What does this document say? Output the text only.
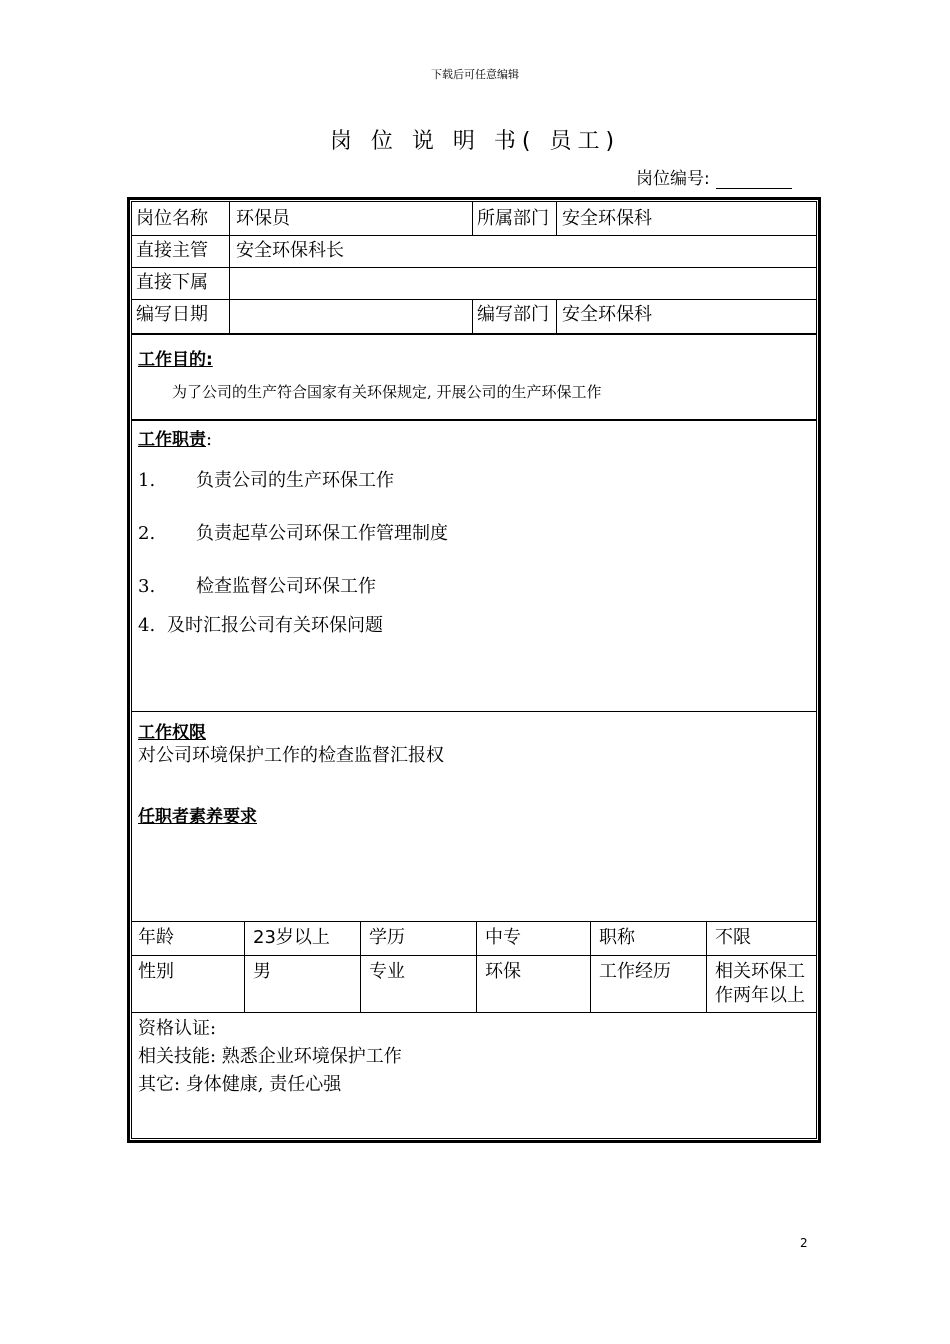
下载后可任意编辑
岗 位 说 明 书( 员工)
岗位编号:
岗位名称 环保员	所属部门 安全环保科
直接主管 安全环保科长
直接下属
编写日期	编写部门 安全环保科
工作目的:
为了公司的生产符合国家有关环保规定, 开展公司的生产环保工作
工作职责:
1. 负责公司的生产环保工作
2. 负责起草公司环保工作管理制度
3. 检查监督公司环保工作
4. 及时汇报公司有关环保问题
工作权限
对公司环境保护工作的检查监督汇报权
任职者素养要求
年龄	23岁以上 学历	中专	职称	不限
性别	男	专业	环保	工作经历 相关环保工
作两年以上
资格认证:
相关技能: 熟悉企业环境保护工作
其它: 身体健康, 责任心强
2
